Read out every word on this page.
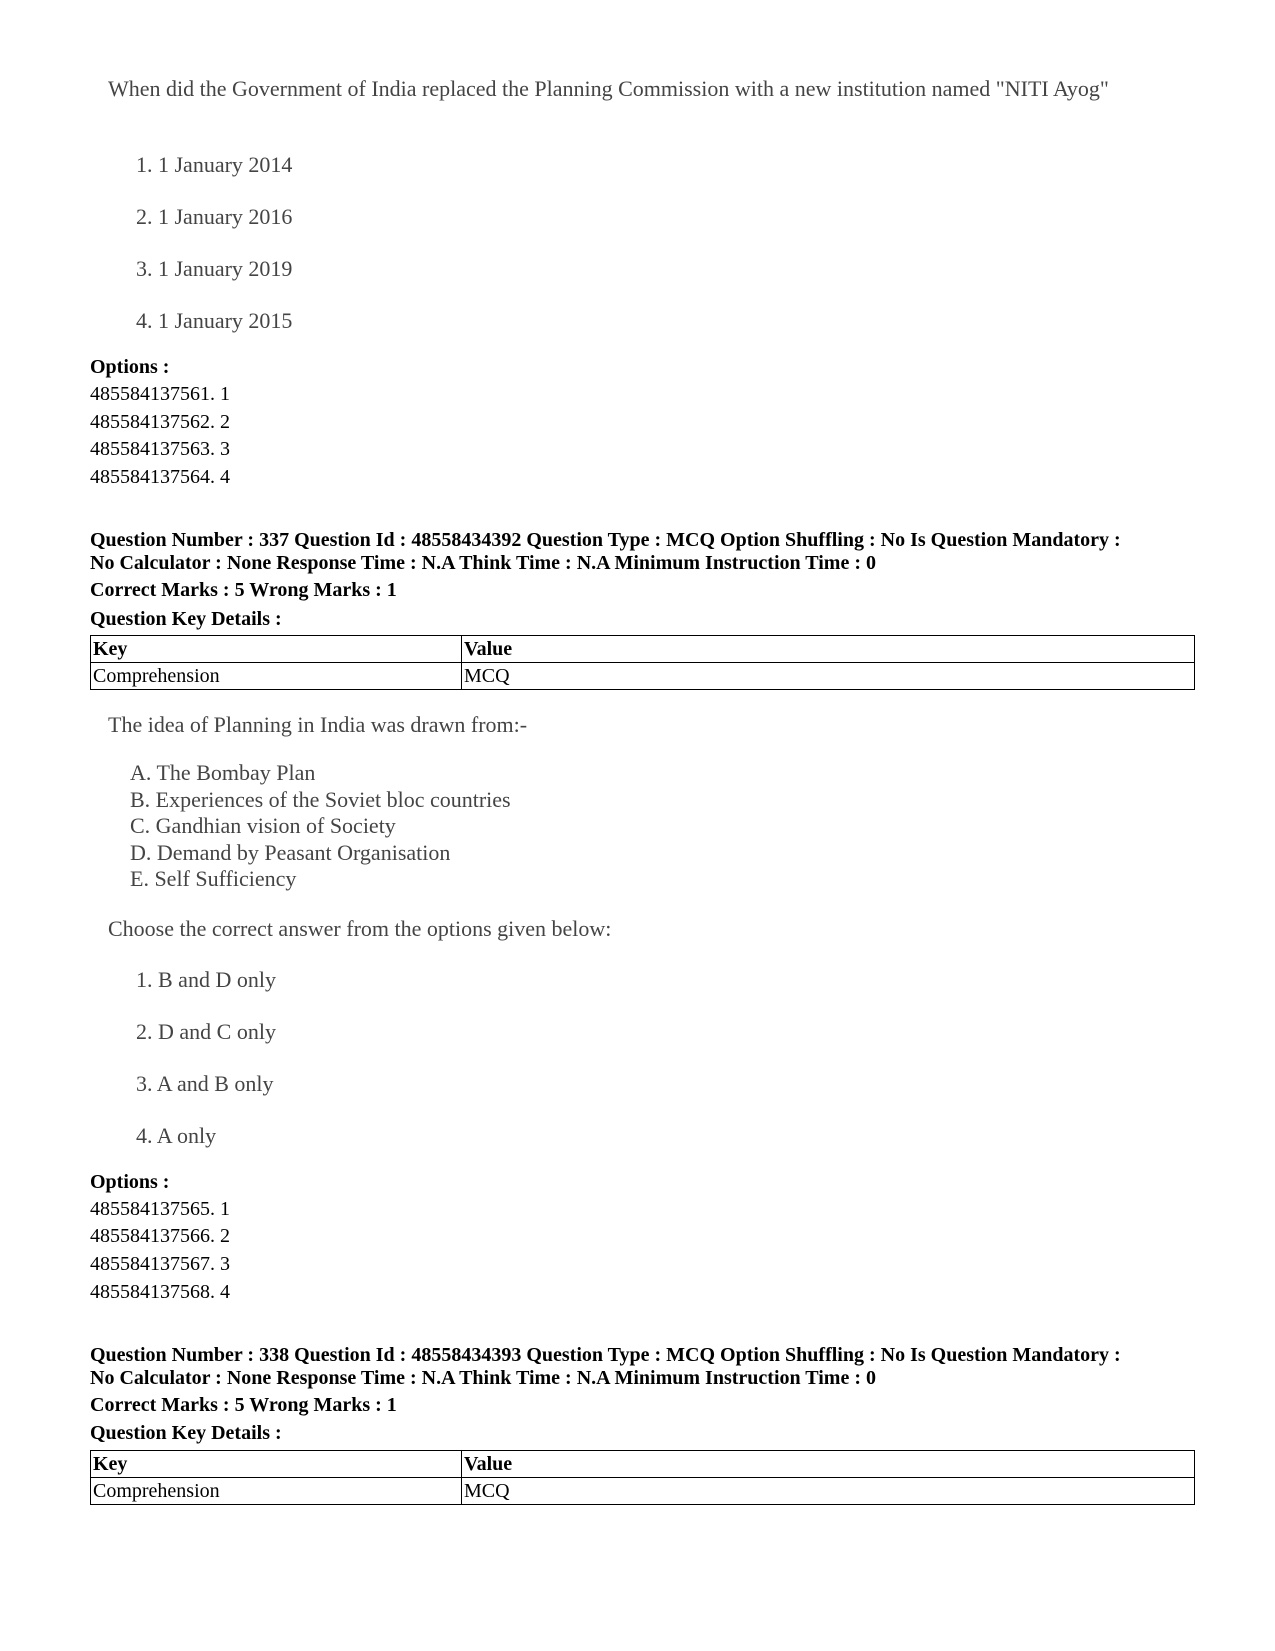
When did the Government of India replaced the Planning Commission with a new institution named "NITI Ayog"
1. 1 January 2014
2. 1 January 2016
3. 1 January 2019
4. 1 January 2015
Options :
485584137561. 1
485584137562. 2
485584137563. 3
485584137564. 4
Question Number : 337 Question Id : 48558434392 Question Type : MCQ Option Shuffling : No Is Question Mandatory :
No Calculator : None Response Time : N.A Think Time : N.A Minimum Instruction Time : 0
Correct Marks : 5 Wrong Marks : 1
Question Key Details :
Key	Value
Comprehension	MCQ
The idea of Planning in India was drawn from:-
A. The Bombay Plan
B. Experiences of the Soviet bloc countries
C. Gandhian vision of Society
D. Demand by Peasant Organisation
E. Self Sufficiency
Choose the correct answer from the options given below:
1. B and D only
2. D and C only
3. A and B only
4. A only
Options :
485584137565. 1
485584137566. 2
485584137567. 3
485584137568. 4
Question Number : 338 Question Id : 48558434393 Question Type : MCQ Option Shuffling : No Is Question Mandatory :
No Calculator : None Response Time : N.A Think Time : N.A Minimum Instruction Time : 0
Correct Marks : 5 Wrong Marks : 1
Question Key Details :
Key	Value
Comprehension	MCQ
